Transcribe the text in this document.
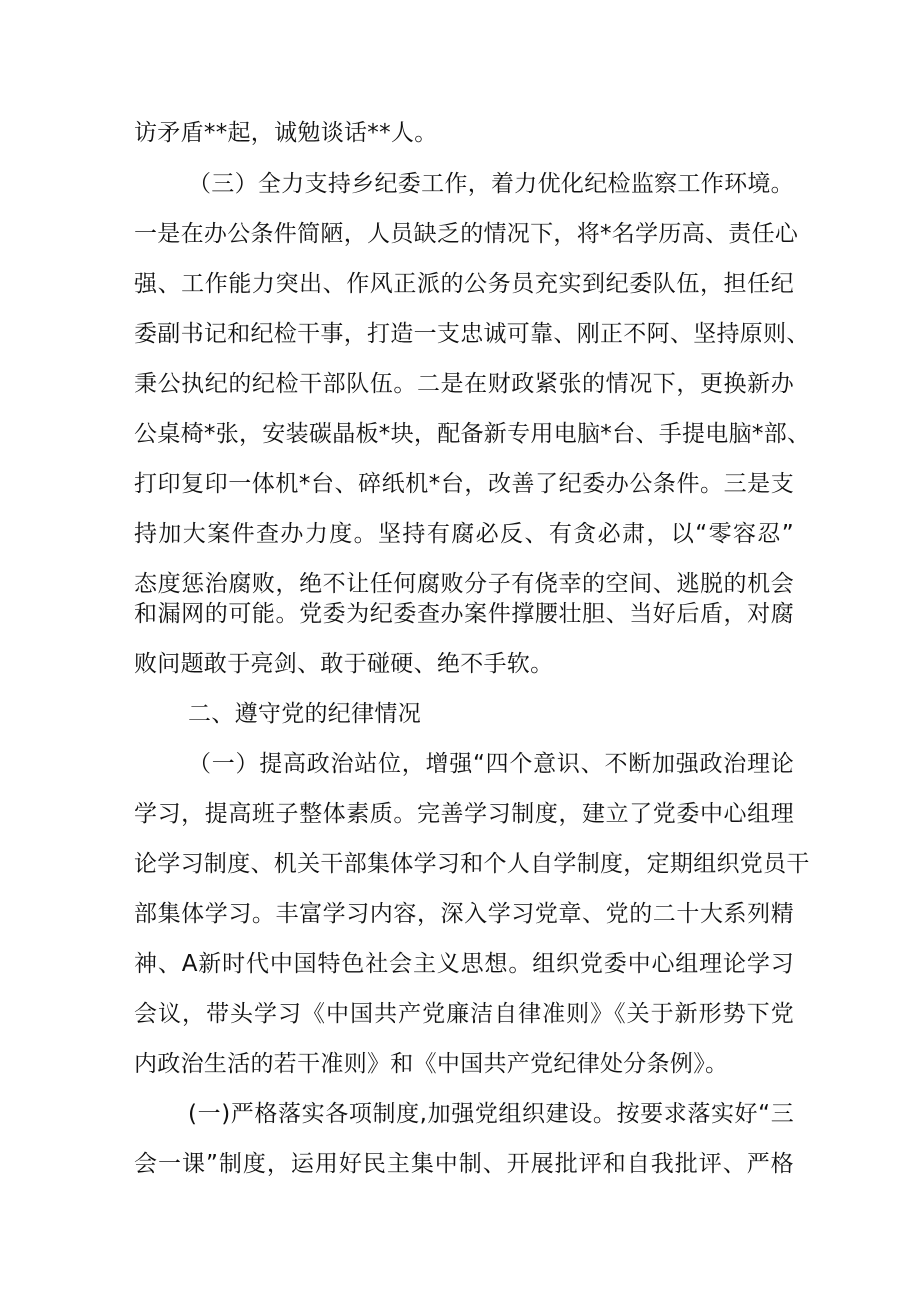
访矛盾**起，诚勉谈话**人。
（三）全力支持乡纪委工作，着力优化纪检监察工作环境。
一是在办公条件简陋，人员缺乏的情况下，将*名学历高、责任心
强、工作能力突出、作风正派的公务员充实到纪委队伍，担任纪
委副书记和纪检干事，打造一支忠诚可靠、刚正不阿、坚持原则、
秉公执纪的纪检干部队伍。二是在财政紧张的情况下，更换新办
公桌椅*张，安装碳晶板*块，配备新专用电脑*台、手提电脑*部、
打印复印一体机*台、碎纸机*台，改善了纪委办公条件。三是支
持加大案件查办力度。坚持有腐必反、有贪必肃，以“零容忍”
态度惩治腐败，绝不让任何腐败分子有侥幸的空间、逃脱的机会
和漏网的可能。党委为纪委查办案件撑腰壮胆、当好后盾，对腐
败问题敢于亮剑、敢于碰硬、绝不手软。
二、遵守党的纪律情况
（一）提高政治站位，增强“四个意识、不断加强政治理论
学习，提高班子整体素质。完善学习制度，建立了党委中心组理
论学习制度、机关干部集体学习和个人自学制度，定期组织党员干
部集体学习。丰富学习内容，深入学习党章、党的二十大系列精
神、A新时代中国特色社会主义思想。组织党委中心组理论学习
会议，带头学习《中国共产党廉洁自律准则》《关于新形势下党
内政治生活的若干准则》和《中国共产党纪律处分条例》。
(一)严格落实各项制度,加强党组织建设。按要求落实好“三
会一课”制度，运用好民主集中制、开展批评和自我批评、严格
